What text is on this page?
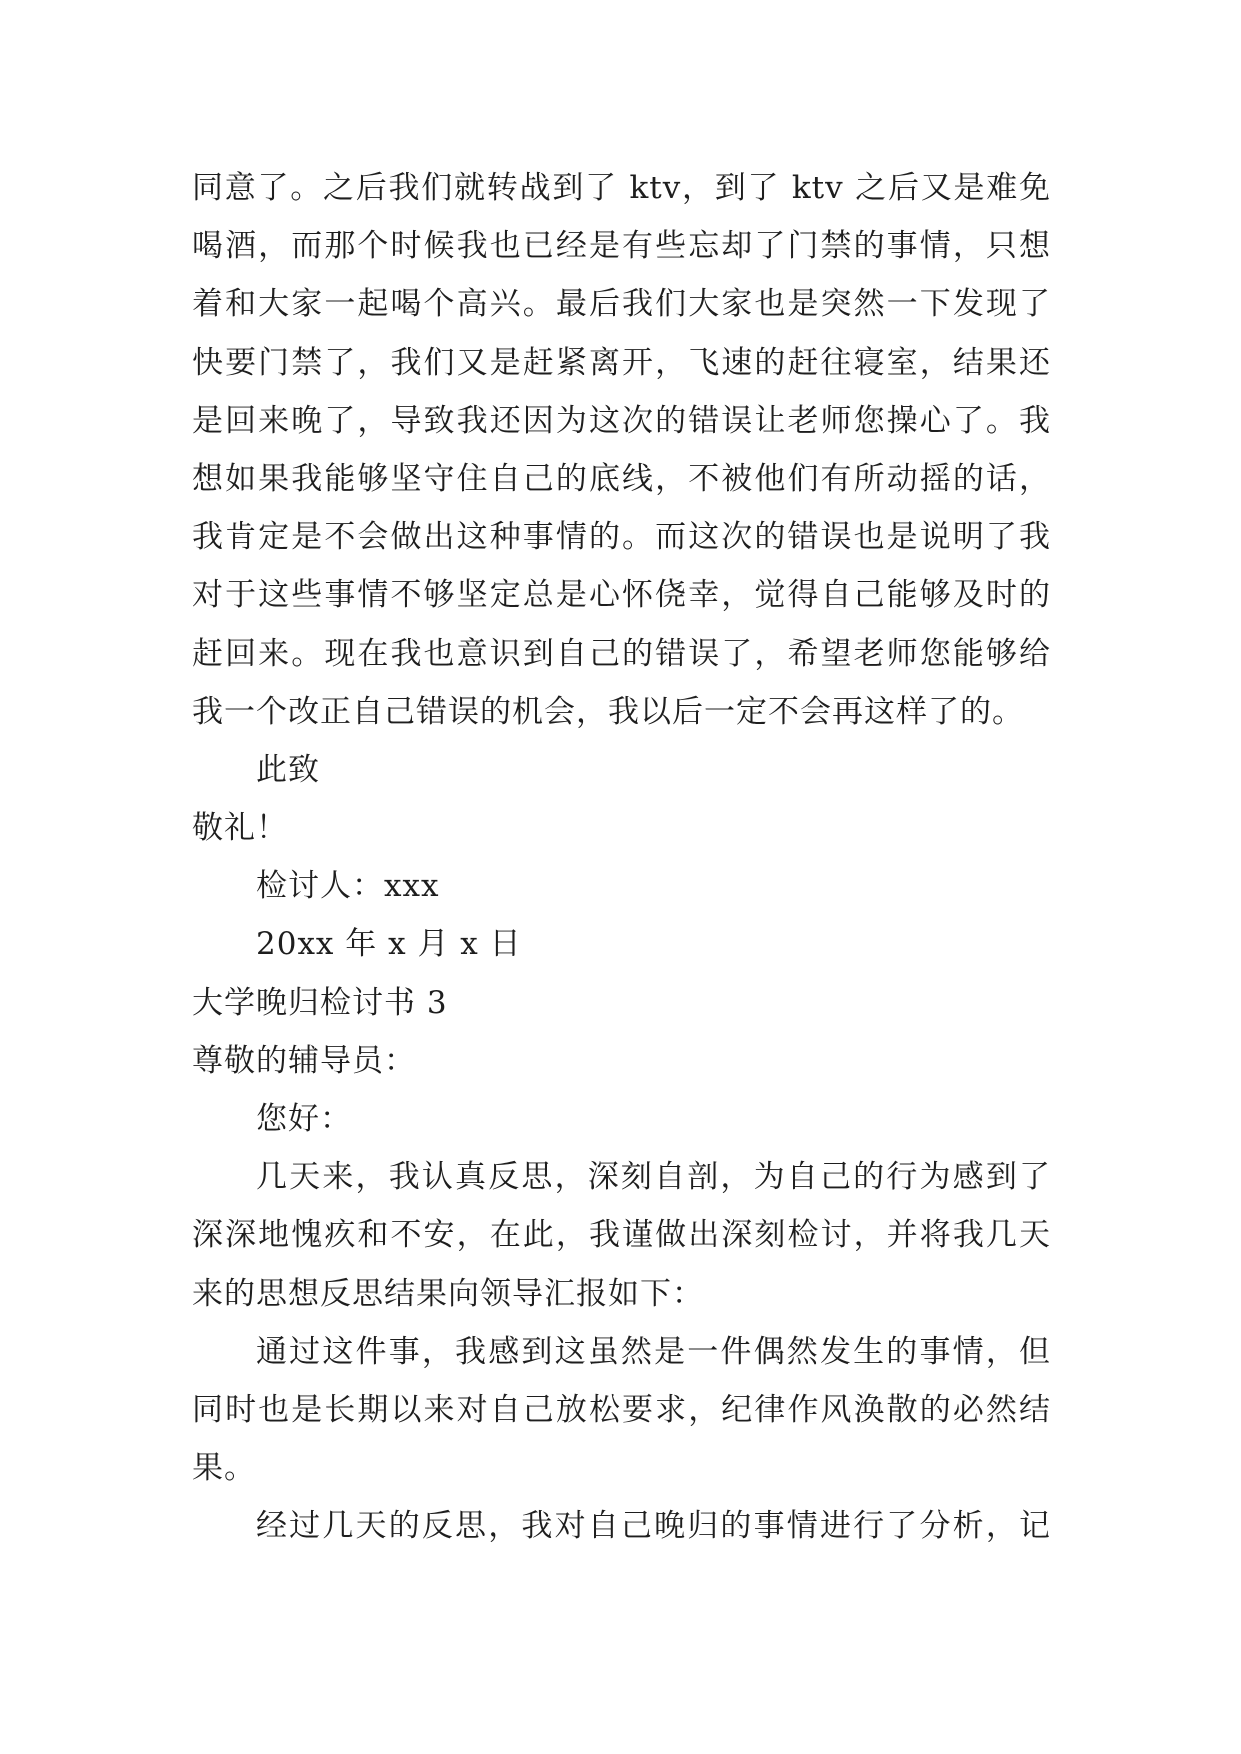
同意了。之后我们就转战到了 ktv，到了 ktv 之后又是难免
喝酒，而那个时候我也已经是有些忘却了门禁的事情，只想
着和大家一起喝个高兴。最后我们大家也是突然一下发现了
快要门禁了，我们又是赶紧离开，飞速的赶往寝室，结果还
是回来晚了，导致我还因为这次的错误让老师您操心了。我
想如果我能够坚守住自己的底线，不被他们有所动摇的话，
我肯定是不会做出这种事情的。而这次的错误也是说明了我
对于这些事情不够坚定总是心怀侥幸，觉得自己能够及时的
赶回来。现在我也意识到自己的错误了，希望老师您能够给
我一个改正自己错误的机会，我以后一定不会再这样了的。
此致
敬礼！
检讨人：xxx
20xx 年 x 月 x 日
大学晚归检讨书 3
尊敬的辅导员：
您好：
几天来，我认真反思，深刻自剖，为自己的行为感到了
深深地愧疚和不安，在此，我谨做出深刻检讨，并将我几天
来的思想反思结果向领导汇报如下：
通过这件事，我感到这虽然是一件偶然发生的事情，但
同时也是长期以来对自己放松要求，纪律作风涣散的必然结
果。
经过几天的反思，我对自己晚归的事情进行了分析，记
